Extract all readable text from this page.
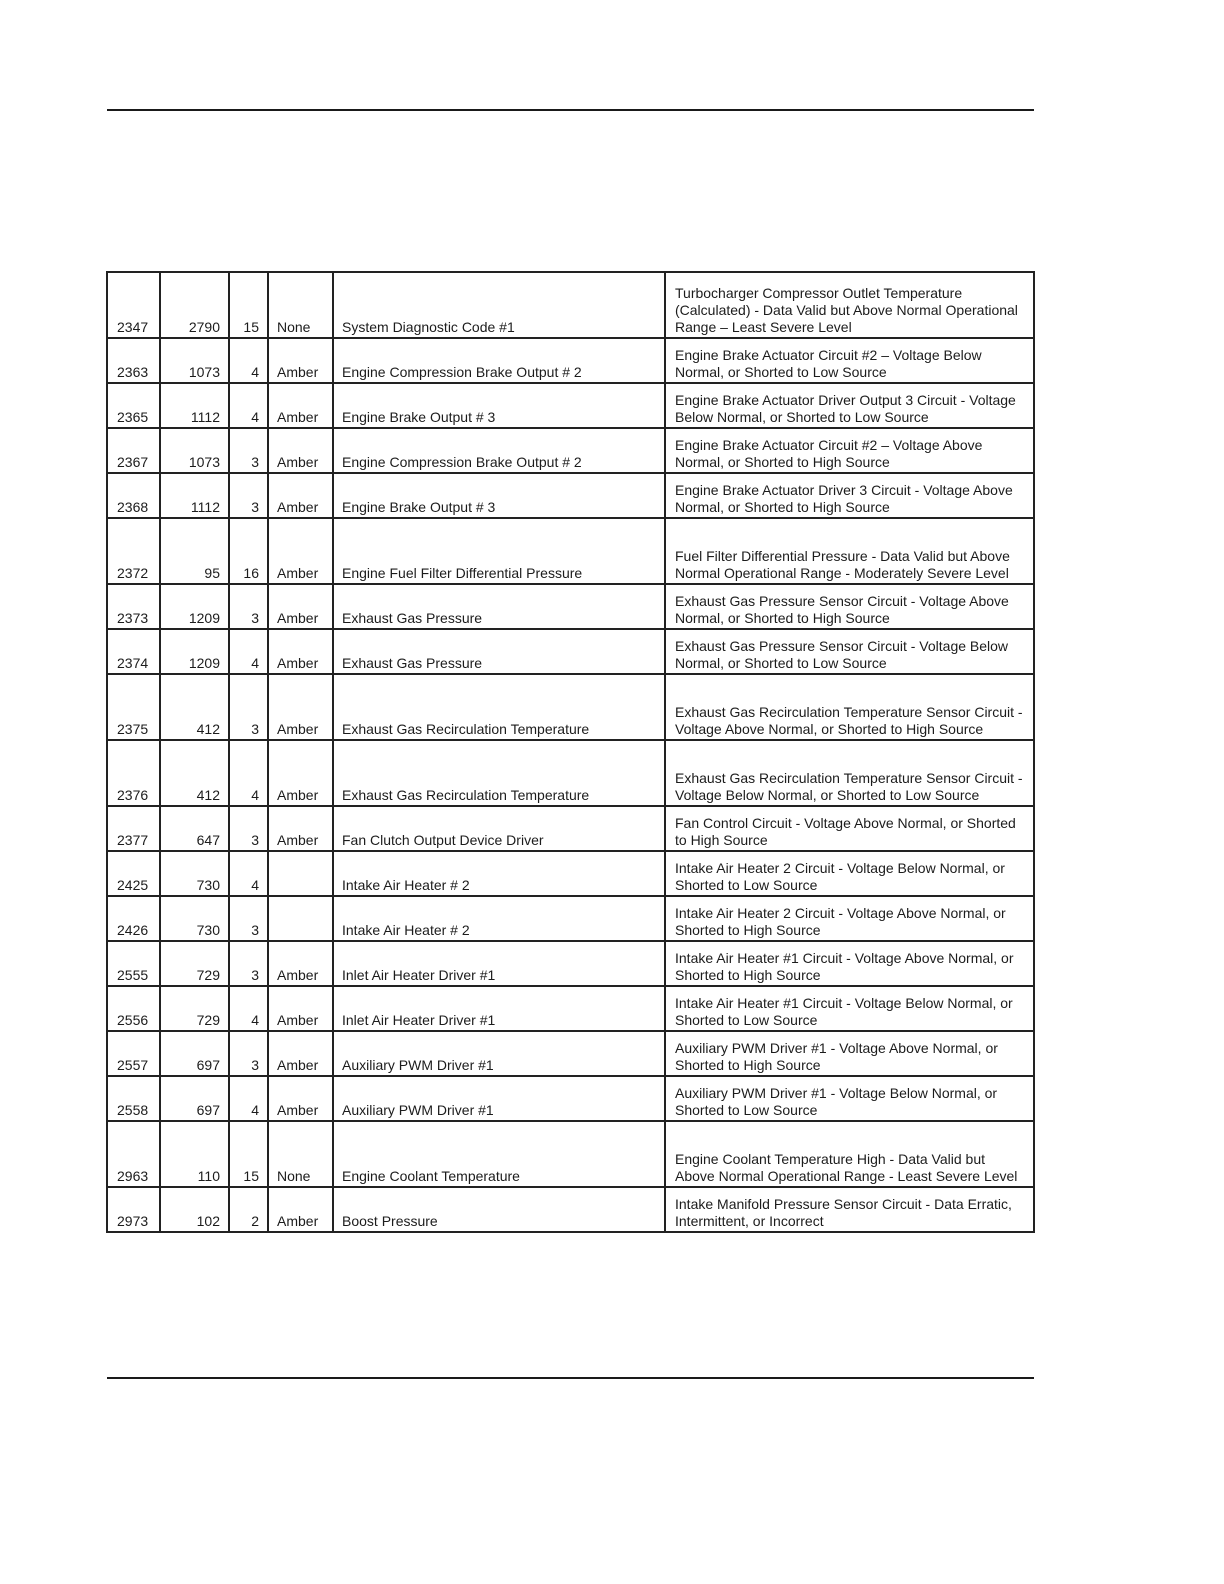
2347	2790	15	None	System Diagnostic Code #1	Turbocharger Compressor Outlet Temperature (Calculated) - Data Valid but Above Normal Operational Range – Least Severe Level
2363	1073	4	Amber	Engine Compression Brake Output # 2	Engine Brake Actuator Circuit #2 – Voltage Below Normal, or Shorted to Low Source
2365	1112	4	Amber	Engine Brake Output # 3	Engine Brake Actuator Driver Output 3 Circuit - Voltage Below Normal, or Shorted to Low Source
2367	1073	3	Amber	Engine Compression Brake Output # 2	Engine Brake Actuator Circuit #2 – Voltage Above Normal, or Shorted to High Source
2368	1112	3	Amber	Engine Brake Output # 3	Engine Brake Actuator Driver 3 Circuit - Voltage Above Normal, or Shorted to High Source
2372	95	16	Amber	Engine Fuel Filter Differential Pressure	Fuel Filter Differential Pressure - Data Valid but Above Normal Operational Range - Moderately Severe Level
2373	1209	3	Amber	Exhaust Gas Pressure	Exhaust Gas Pressure Sensor Circuit - Voltage Above Normal, or Shorted to High Source
2374	1209	4	Amber	Exhaust Gas Pressure	Exhaust Gas Pressure Sensor Circuit - Voltage Below Normal, or Shorted to Low Source
2375	412	3	Amber	Exhaust Gas Recirculation Temperature	Exhaust Gas Recirculation Temperature Sensor Circuit - Voltage Above Normal, or Shorted to High Source
2376	412	4	Amber	Exhaust Gas Recirculation Temperature	Exhaust Gas Recirculation Temperature Sensor Circuit - Voltage Below Normal, or Shorted to Low Source
2377	647	3	Amber	Fan Clutch Output Device Driver	Fan Control Circuit - Voltage Above Normal, or Shorted to High Source
2425	730	4		Intake Air Heater # 2	Intake Air Heater 2 Circuit - Voltage Below Normal, or Shorted to Low Source
2426	730	3		Intake Air Heater # 2	Intake Air Heater 2 Circuit - Voltage Above Normal, or Shorted to High Source
2555	729	3	Amber	Inlet Air Heater Driver #1	Intake Air Heater #1 Circuit - Voltage Above Normal, or Shorted to High Source
2556	729	4	Amber	Inlet Air Heater Driver #1	Intake Air Heater #1 Circuit - Voltage Below Normal, or Shorted to Low Source
2557	697	3	Amber	Auxiliary PWM Driver #1	Auxiliary PWM Driver #1 - Voltage Above Normal, or Shorted to High Source
2558	697	4	Amber	Auxiliary PWM Driver #1	Auxiliary PWM Driver #1 - Voltage Below Normal, or Shorted to Low Source
2963	110	15	None	Engine Coolant Temperature	Engine Coolant Temperature High - Data Valid but Above Normal Operational Range - Least Severe Level
2973	102	2	Amber	Boost Pressure	Intake Manifold Pressure Sensor Circuit - Data Erratic, Intermittent, or Incorrect
